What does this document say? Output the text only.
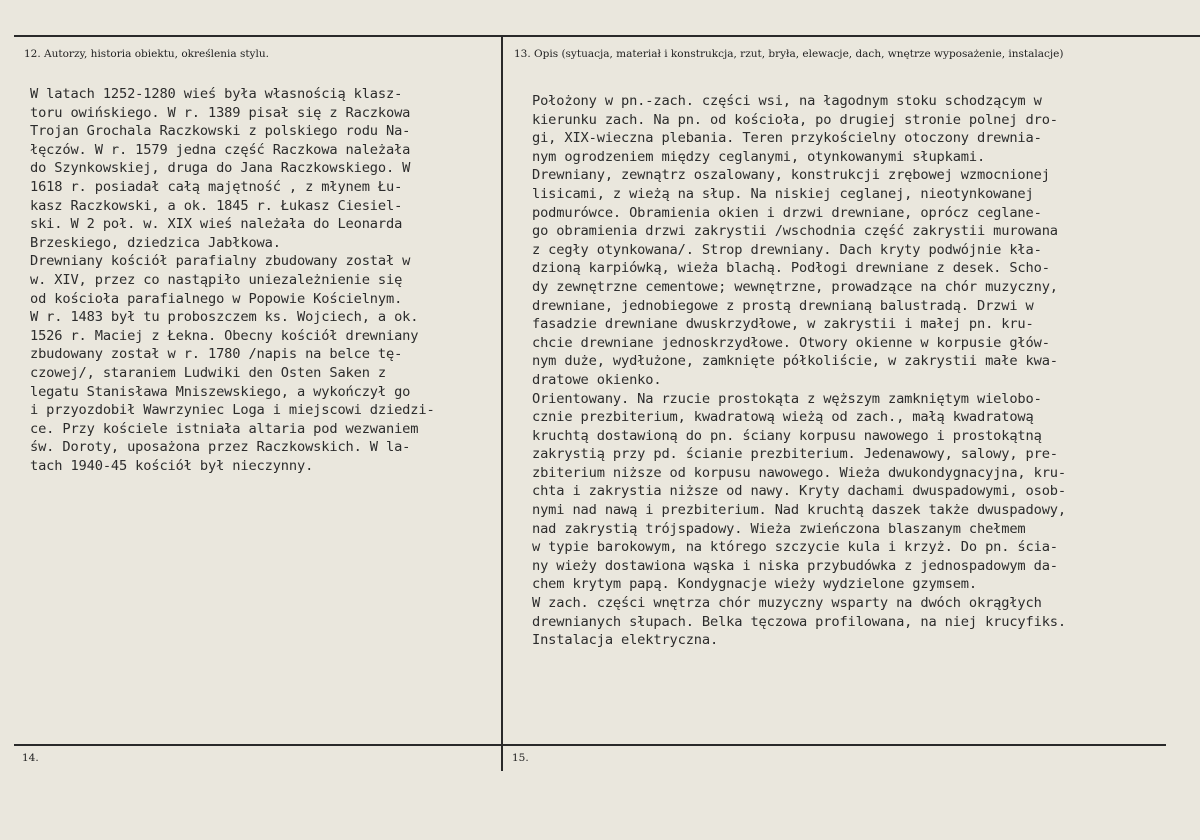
12. Autorzy, historia obiektu, określenia stylu.	13. Opis (sytuacja, materiał i konstrukcja, rzut, bryła, elewacje, dach, wnętrze wyposażenie, instalacje)
W latach 1252-1280 wieś była własnością klasz-
toru owińskiego. W r. 1389 pisał się z Raczkowa
Trojan Grochala Raczkowski z polskiego rodu Na-
łęczów. W r. 1579 jedna część Raczkowa należała
do Szynkowskiej, druga do Jana Raczkowskiego. W
1618 r. posiadał całą majętność , z młynem Łu-
kasz Raczkowski, a ok. 1845 r. Łukasz Ciesiel-
ski. W 2 poł. w. XIX wieś należała do Leonarda
Brzeskiego, dziedzica Jabłkowa.
Drewniany kościół parafialny zbudowany został w
w. XIV, przez co nastąpiło uniezależnienie się
od kościoła parafialnego w Popowie Kościelnym.
W r. 1483 był tu proboszczem ks. Wojciech, a ok.
1526 r. Maciej z Łekna. Obecny kościół drewniany
zbudowany został w r. 1780 /napis na belce tę-
czowej/, staraniem Ludwiki den Osten Saken z
legatu Stanisława Mniszewskiego, a wykończył go
i przyozdobił Wawrzyniec Loga i miejscowi dziedzi-
ce. Przy kościele istniała altaria pod wezwaniem
św. Doroty, uposażona przez Raczkowskich. W la-
tach 1940-45 kościół był nieczynny.
Położony w pn.-zach. części wsi, na łagodnym stoku schodzącym w
kierunku zach. Na pn. od kościoła, po drugiej stronie polnej dro-
gi, XIX-wieczna plebania. Teren przykościelny otoczony drewnia-
nym ogrodzeniem między ceglanymi, otynkowanymi słupkami.
Drewniany, zewnątrz oszalowany, konstrukcji zrębowej wzmocnionej
lisicami, z wieżą na słup. Na niskiej ceglanej, nieotynkowanej
podmurówce. Obramienia okien i drzwi drewniane, oprócz ceglane-
go obramienia drzwi zakrystii /wschodnia część zakrystii murowana
z cegły otynkowana/. Strop drewniany. Dach kryty podwójnie kła-
dzioną karpiówką, wieża blachą. Podłogi drewniane z desek. Scho-
dy zewnętrzne cementowe; wewnętrzne, prowadzące na chór muzyczny,
drewniane, jednobiegowe z prostą drewnianą balustradą. Drzwi w
fasadzie drewniane dwuskrzydłowe, w zakrystii i małej pn. kru-
chcie drewniane jednoskrzydłowe. Otwory okienne w korpusie głów-
nym duże, wydłużone, zamknięte półkoliście, w zakrystii małe kwa-
dratowe okienko.
Orientowany. Na rzucie prostokąta z węższym zamkniętym wielobo-
cznie prezbiterium, kwadratową wieżą od zach., małą kwadratową
kruchtą dostawioną do pn. ściany korpusu nawowego i prostokątną
zakrystią przy pd. ścianie prezbiterium. Jedenawowy, salowy, pre-
zbiterium niższe od korpusu nawowego. Wieża dwukondygnacyjna, kru-
chta i zakrystia niższe od nawy. Kryty dachami dwuspadowymi, osob-
nymi nad nawą i prezbiterium. Nad kruchtą daszek także dwuspadowy,
nad zakrystią trójspadowy. Wieża zwieńczona blaszanym chełmem
w typie barokowym, na którego szczycie kula i krzyż. Do pn. ścia-
ny wieży dostawiona wąska i niska przybudówka z jednospadowym da-
chem krytym papą. Kondygnacje wieży wydzielone gzymsem.
W zach. części wnętrza chór muzyczny wsparty na dwóch okrągłych
drewnianych słupach. Belka tęczowa profilowana, na niej krucyfiks.
Instalacja elektryczna.
14.	15.
